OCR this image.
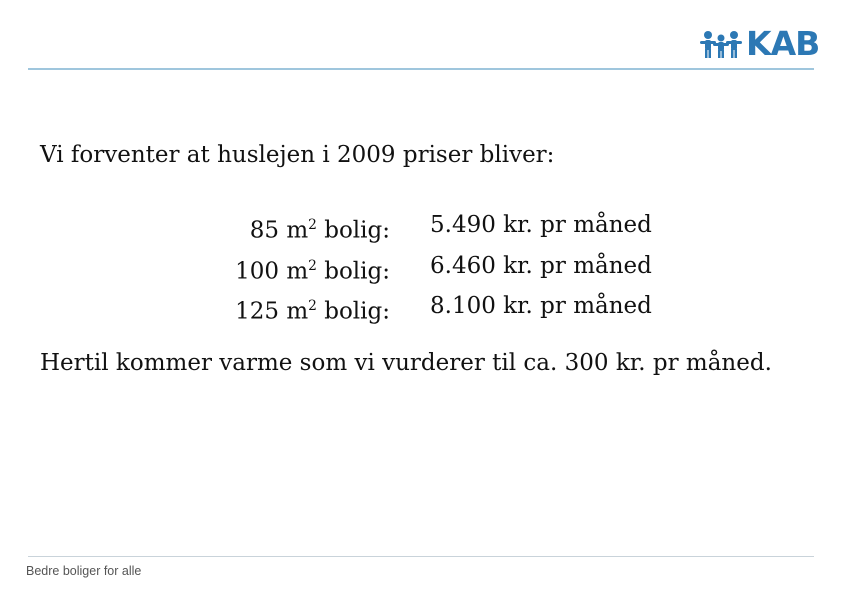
KAB
Vi forventer at huslejen i 2009 priser bliver:
85 $m^2$ bolig: 5.490 kr. pr måned
100 $m^2$ bolig: 6.460 kr. pr måned
125 $m^2$ bolig: 8.100 kr. pr måned
Hertil kommer varme som vi vurderer til ca. 300 kr. pr måned.
Bedre boliger for alle
